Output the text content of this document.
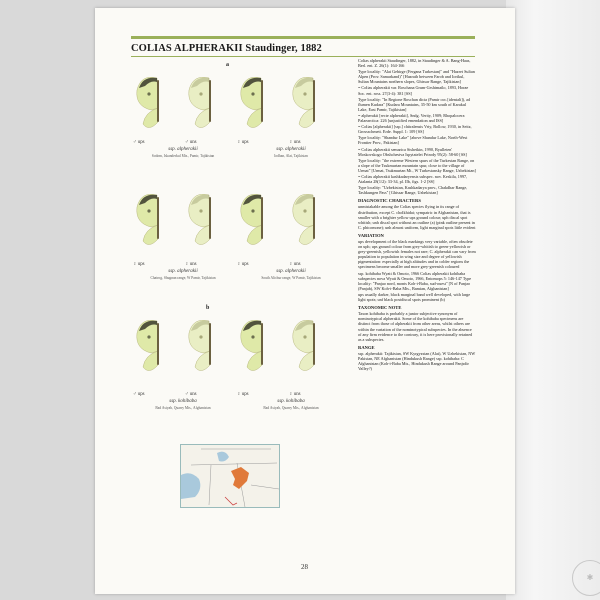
✱
COLIAS ALPHERAKII Staudinger, 1882
28

Colias alpherakii Staudinger, 1882, in Staudinger & A. Bang-Haas, Berl. ent. Z. 26(1): 164-166

Type locality: "Alai Gebirge (Fergana Turkestan)" and "Hazret Sultan Alpen (Prov. Samarkand)" [Hazrath between Farob and Iorikul, Sultan Mountains northern slopes, Ghissar Range, Tajikistan]

= Colias alpherakii var. Roschana Grum-Grshimailo, 1893, Horae Soc. ent. ross. 27(3-4): 381 [SS]

Type locality: "In Regione Roschan dicta (Pamir occ.[identali]), ad flumen Kudara" [Kudara Mountains, 35-50 km south of Karakul Lake, East Pamir, Tajikistan]

= alpherakii [recte alpherakii], Sndg. Verity, 1909; Rhopalocera Palaearctica: 226 [unjustified emendation and ISS]

= Colias [alpherakii] [ssp.] chitralensis Vrty, Bollow, 1930, in Seitz, Grossschmett. Erde. Suppl. 1: 109 [SS]

Type locality: "Shandur Lake" [above Shandur Lake, North-West Frontier Prov., Pakistan]

= Colias alpherakii semarica Stshetkin, 1990, Byulleten' Moskovskogo Obshchestva Ispytatelei Prirody 95(2): 58-60 [SS]

Type locality: "the extreme Western spurs of the Turkestan Range, on a slope of the Tsukmurtan mountain spur, close to the village of Urmat" [Urmat, Tsukmurtan Mt., W Turkestansky Range, Uzbekistan]

= Colias alpherakii kashkadaryensis subspec. nov. Keskila, 1997, Atalanta 28(1/2): 33-34, pl. IIb, figs. 1-2 [SS]

Type locality: "Uzbekistan, Kashkadarya prov., Chakdhar Range, Tashkungen Pass" [Ghissar Range, Uzbekistan]

DIAGNOSTIC CHARACTERS

unmistakable among the Colias species flying in its range of distribution, except C. cholkhidai; sympatric in Afghanistan, that is smaller with a brighter yellow ups ground colour; uph discal spot whitish; unh discal spot without an outline (a) (pink outline present in C. phicomone); unh almost uniform, light marginal spots little evident

VARIATION

ups development of the black markings very variable, often obsolete on uph; ups ground colour from grey-whitish to green-yellowish or grey-greenish, yellowish females not rare; C. alpherakii can vary from population to population in wing size and degree of yellowish pigmentation: especially at high altitudes and in colder regions the specimens become smaller and more grey-greenish coloured

ssp. kohibaba Wyatt & Omoto, 1966 Colias alpherakii kohibaba subspecies nova Wyatt & Omoto, 1966, Entomops 5: 146-147 Type locality: "Panjao nord, monts Koh-i-Baba, sud-ouest" [N of Panjao (Panjab), SW Koh-i-Baba Mts., Bamian, Afghanistan]

ups usually darker, black marginal band well developed, with large light spots; unf black postdiscal spots prominent (b)

TAXONOMIC NOTE

Taxon kohibaba is probably a junior subjective synonym of nominotypical alpherakii. Some of the kohibaba specimens are distinct from those of alpherakii from other areas, whilst others are within the variation of the nominotypical subspecies. In the absence of any firm evidence to the contrary, it is here provisionally retained as a subspecies.

RANGE

ssp. alpherakii: Tajikistan, SW Kyrgyzstan (Alai), W Uzbekistan, NW Pakistan, NE Afghanistan (Hindukush Range) ssp. kohibaba: C Afghanistan (Koh-i-Baba Mts., Hindukush Range around Panjsdir Valley?)

a
♂ ups	♂ uns	♀ ups	♀ uns
ssp. alpherakii
Sodom, Iskanderkul Mts., Pamir, Tajikistan
ssp. alpherakii
Iodhan, Alai, Tajikistan
♀ ups	♀ uns	♀ ups	♀ uns
ssp. alpherakii
Chatrog, Shugnan range, W Pamir, Tajikistan
ssp. alpherakii
South Alichur range, W Pamir, Tajikistan
b
♂ ups	♂ uns	♀ ups	♀ uns
ssp. kohibaba
Bad Asiyab, Quarry Mts., Afghanistan
ssp. kohibaba
Bad Asiyab, Quarry Mts., Afghanistan
